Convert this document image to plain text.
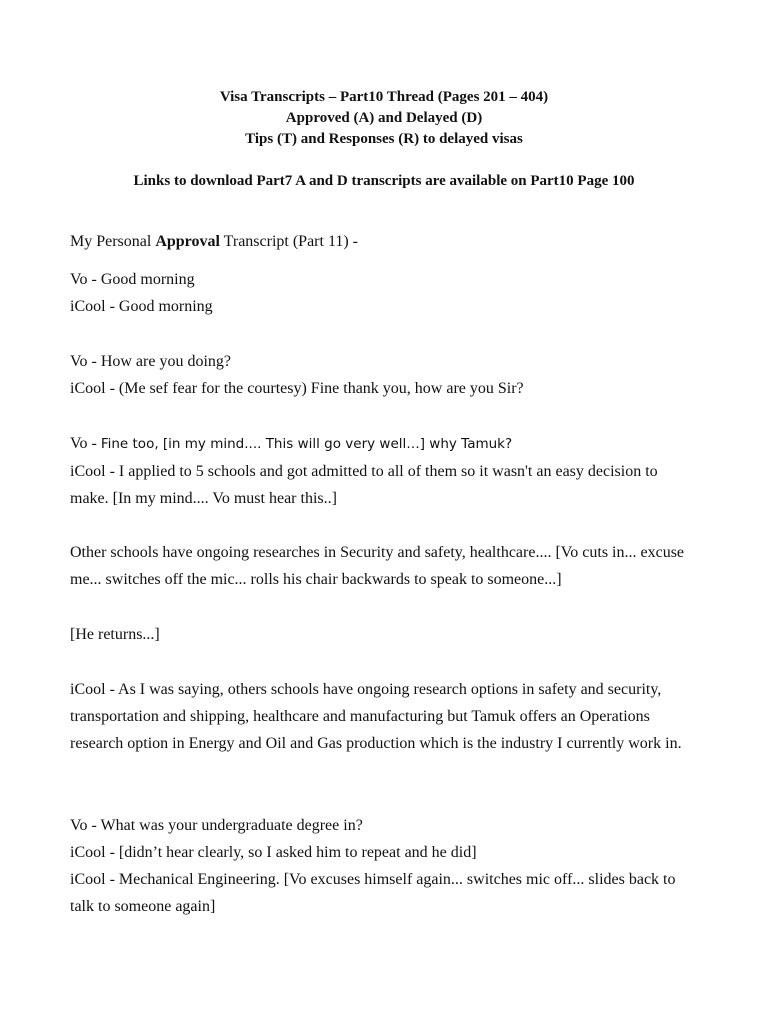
Visa Transcripts – Part10 Thread (Pages 201 – 404)
Approved (A) and Delayed (D)
Tips (T) and Responses (R) to delayed visas
Links to download Part7 A and D transcripts are available on Part10 Page 100
My Personal Approval Transcript (Part 11) -
Vo - Good morning
iCool - Good morning
Vo - How are you doing?
iCool - (Me sef fear for the courtesy) Fine thank you, how are you Sir?
Vo - Fine too, [in my mind.... This will go very well…] why Tamuk?
iCool - I applied to 5 schools and got admitted to all of them so it wasn't an easy decision to make. [In my mind.... Vo must hear this..]
Other schools have ongoing researches in Security and safety, healthcare.... [Vo cuts in... excuse me... switches off the mic... rolls his chair backwards to speak to someone...]
[He returns...]
iCool - As I was saying, others schools have ongoing research options in safety and security, transportation and shipping, healthcare and manufacturing but Tamuk offers an Operations research option in Energy and Oil and Gas production which is the industry I currently work in.
Vo - What was your undergraduate degree in?
iCool - [didn’t hear clearly, so I asked him to repeat and he did]
iCool - Mechanical Engineering. [Vo excuses himself again... switches mic off... slides back to talk to someone again]
